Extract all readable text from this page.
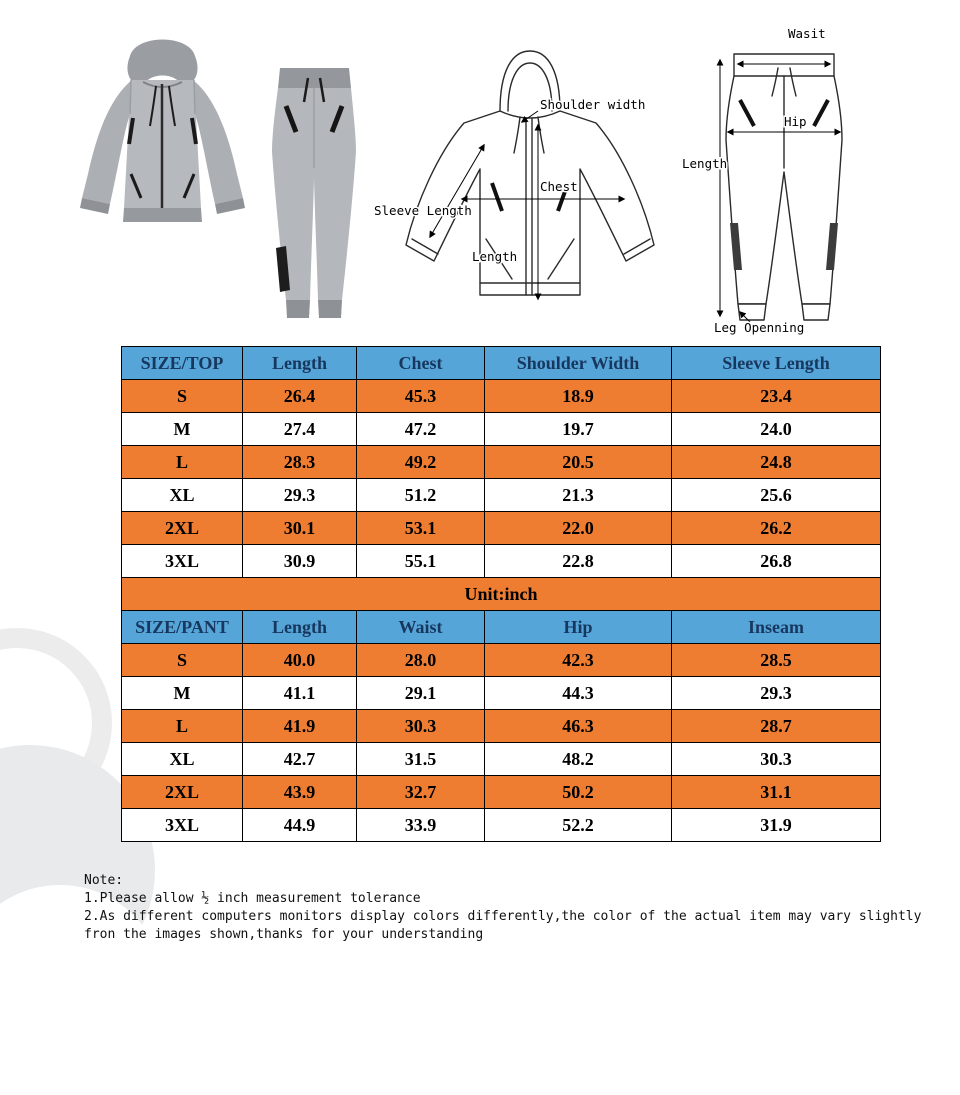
Shoulder width
Chest
Sleeve Length
Length
Wasit
Hip
Length
Leg Openning
SIZE/TOP	Length	Chest	Shoulder Width	Sleeve Length
S	26.4	45.3	18.9	23.4
M	27.4	47.2	19.7	24.0
L	28.3	49.2	20.5	24.8
XL	29.3	51.2	21.3	25.6
2XL	30.1	53.1	22.0	26.2
3XL	30.9	55.1	22.8	26.8
Unit:inch				
SIZE/PANT	Length	Waist	Hip	Inseam
S	40.0	28.0	42.3	28.5
M	41.1	29.1	44.3	29.3
L	41.9	30.3	46.3	28.7
XL	42.7	31.5	48.2	30.3
2XL	43.9	32.7	50.2	31.1
3XL	44.9	33.9	52.2	31.9
Note:
1.Please allow ½ inch measurement tolerance
2.As different computers monitors display colors differently,the color of the actual item may vary slightly
fron the images shown,thanks for your understanding
